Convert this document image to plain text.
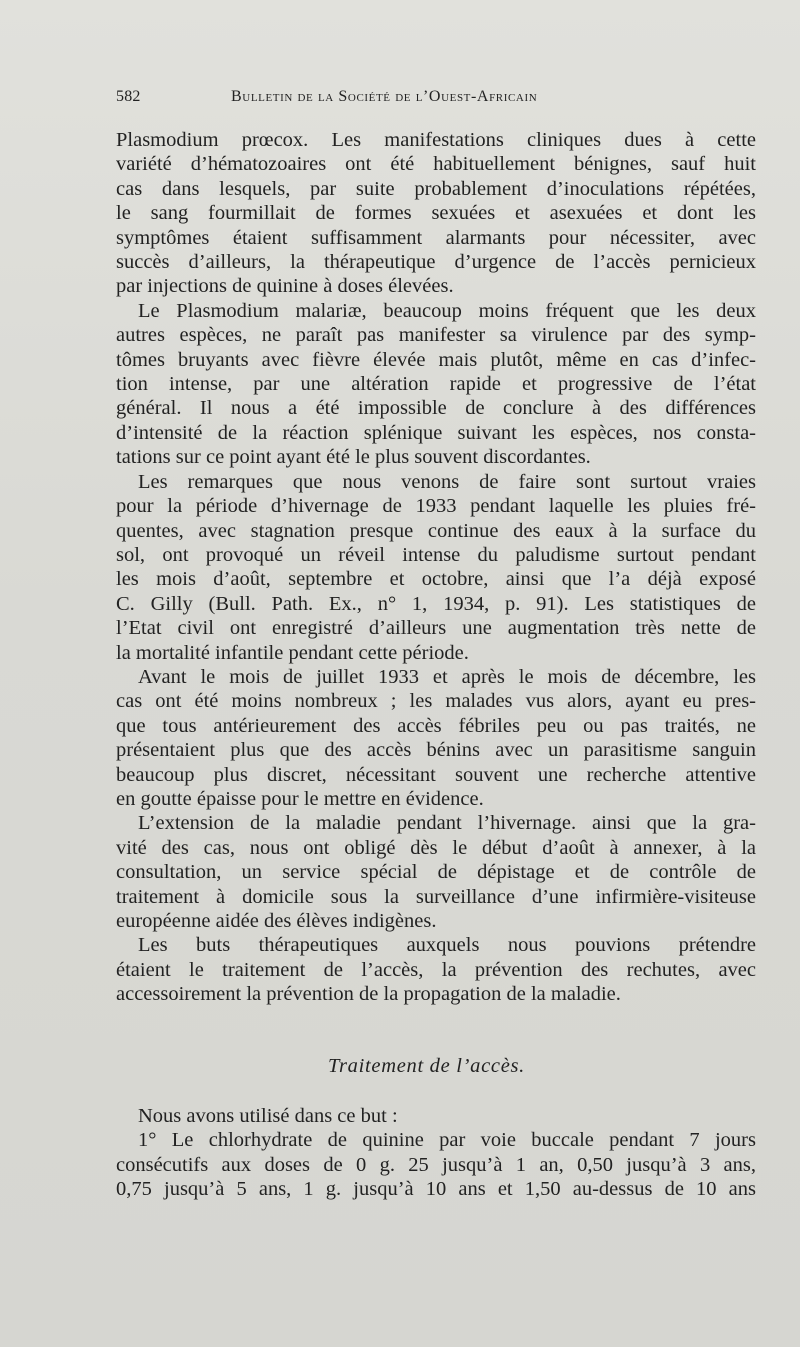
582	Bulletin de la Société de l’Ouest-Africain
Plasmodium prœcox. Les manifestations cliniques dues à cette
variété d’hématozoaires ont été habituellement bénignes, sauf huit
cas dans lesquels, par suite probablement d’inoculations répétées,
le sang fourmillait de formes sexuées et asexuées et dont les
symptômes étaient suffisamment alarmants pour nécessiter, avec
succès d’ailleurs, la thérapeutique d’urgence de l’accès pernicieux
par injections de quinine à doses élevées.
Le Plasmodium malariæ, beaucoup moins fréquent que les deux
autres espèces, ne paraît pas manifester sa virulence par des symp-
tômes bruyants avec fièvre élevée mais plutôt, même en cas d’infec-
tion intense, par une altération rapide et progressive de l’état
général. Il nous a été impossible de conclure à des différences
d’intensité de la réaction splénique suivant les espèces, nos consta-
tations sur ce point ayant été le plus souvent discordantes.
Les remarques que nous venons de faire sont surtout vraies
pour la période d’hivernage de 1933 pendant laquelle les pluies fré-
quentes, avec stagnation presque continue des eaux à la surface du
sol, ont provoqué un réveil intense du paludisme surtout pendant
les mois d’août, septembre et octobre, ainsi que l’a déjà exposé
C. Gilly (Bull. Path. Ex., n° 1, 1934, p. 91). Les statistiques de
l’Etat civil ont enregistré d’ailleurs une augmentation très nette de
la mortalité infantile pendant cette période.
Avant le mois de juillet 1933 et après le mois de décembre, les
cas ont été moins nombreux ; les malades vus alors, ayant eu pres-
que tous antérieurement des accès fébriles peu ou pas traités, ne
présentaient plus que des accès bénins avec un parasitisme sanguin
beaucoup plus discret, nécessitant souvent une recherche attentive
en goutte épaisse pour le mettre en évidence.
L’extension de la maladie pendant l’hivernage. ainsi que la gra-
vité des cas, nous ont obligé dès le début d’août à annexer, à la
consultation, un service spécial de dépistage et de contrôle de
traitement à domicile sous la surveillance d’une infirmière-visiteuse
européenne aidée des élèves indigènes.
Les buts thérapeutiques auxquels nous pouvions prétendre
étaient le traitement de l’accès, la prévention des rechutes, avec
accessoirement la prévention de la propagation de la maladie.
Traitement de l’accès.
Nous avons utilisé dans ce but :
1° Le chlorhydrate de quinine par voie buccale pendant 7 jours
consécutifs aux doses de 0 g. 25 jusqu’à 1 an, 0,50 jusqu’à 3 ans,
0,75 jusqu’à 5 ans, 1 g. jusqu’à 10 ans et 1,50 au-dessus de 10 ans
